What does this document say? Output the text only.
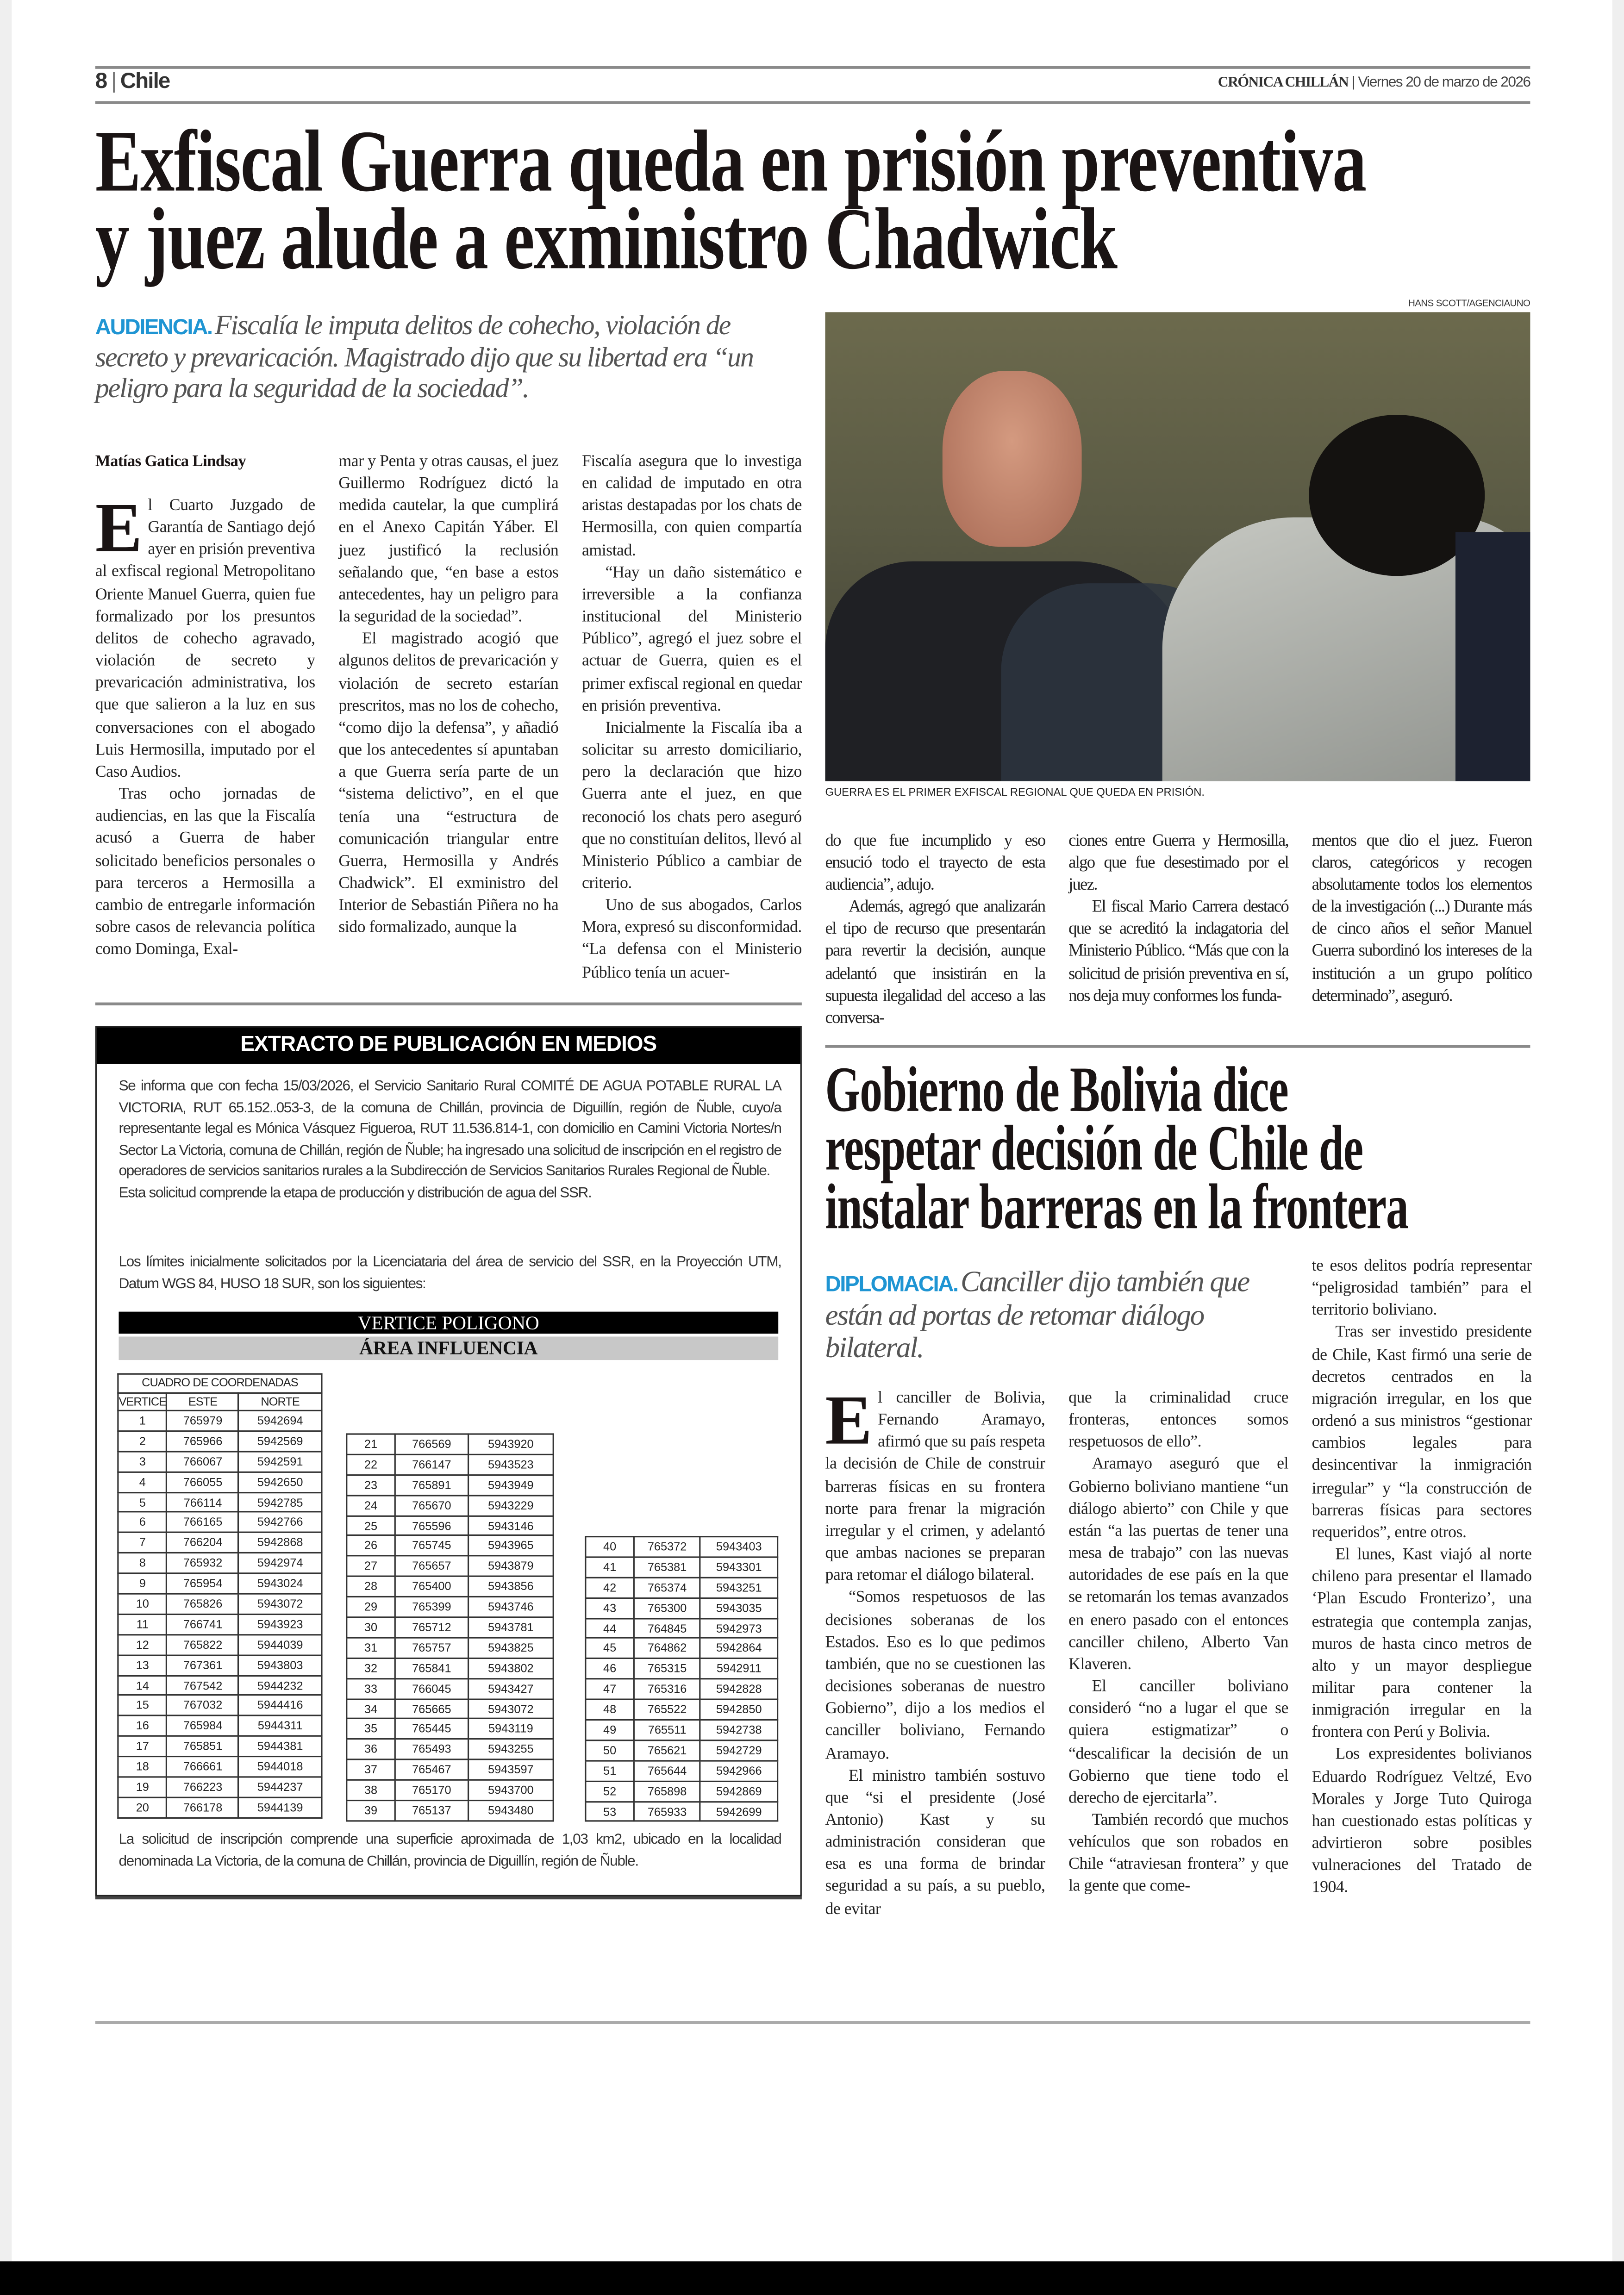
8 | Chile	CRÓNICA CHILLÁN | Viernes 20 de marzo de 2026
Exfiscal Guerra queda en prisión preventiva
y juez alude a exministro Chadwick
AUDIENCIA. Fiscalía le imputa delitos de cohecho, violación de secreto y prevaricación. Magistrado dijo que su libertad era “un peligro para la seguridad de la sociedad”.
HANS SCOTT/AGENCIAUNO
GUERRA ES EL PRIMER EXFISCAL REGIONAL QUE QUEDA EN PRISIÓN.
Matías Gatica Lindsay
E	l Cuarto Juzgado de Garantía de Santiago dejó ayer en prisión preventiva al exfiscal regional Metropolitano Oriente Manuel Guerra, quien fue formalizado por los presuntos delitos de cohecho agravado, violación de secreto y prevaricación administrativa, los que que salieron a la luz en sus conversaciones con el abogado Luis Hermosilla, imputado por el Caso Audios.

Tras ocho jornadas de audiencias, en las que la Fiscalía acusó a Guerra de haber solicitado beneficios personales o para terceros a Hermosilla a cambio de entregarle información sobre casos de relevancia política como Dominga, Exal-

mar y Penta y otras causas, el juez Guillermo Rodríguez dictó la medida cautelar, la que cumplirá en el Anexo Capitán Yáber. El juez justificó la reclusión señalando que, “en base a estos antecedentes, hay un peligro para la seguridad de la sociedad”.

El magistrado acogió que algunos delitos de prevaricación y violación de secreto estarían prescritos, mas no los de cohecho, “como dijo la defensa”, y añadió que los antecedentes sí apuntaban a que Guerra sería parte de un “sistema delictivo”, en el que tenía una “estructura de comunicación triangular entre Guerra, Hermosilla y Andrés Chadwick”. El exministro del Interior de Sebastián Piñera no ha sido formalizado, aunque la

Fiscalía asegura que lo investiga en calidad de imputado en otra aristas destapadas por los chats de Hermosilla, con quien compartía amistad.

“Hay un daño sistemático e irreversible a la confianza institucional del Ministerio Público”, agregó el juez sobre el actuar de Guerra, quien es el primer exfiscal regional en quedar en prisión preventiva.

Inicialmente la Fiscalía iba a solicitar su arresto domiciliario, pero la declaración que hizo Guerra ante el juez, en que reconoció los chats pero aseguró que no constituían delitos, llevó al Ministerio Público a cambiar de criterio.

Uno de sus abogados, Carlos Mora, expresó su disconformidad. “La defensa con el Ministerio Público tenía un acuer-

do que fue incumplido y eso ensució todo el trayecto de esta audiencia”, adujo.

Además, agregó que analizarán el tipo de recurso que presentarán para revertir la decisión, aunque adelantó que insistirán en la supuesta ilegalidad del acceso a las conversa-

ciones entre Guerra y Hermosilla, algo que fue desestimado por el juez.

El fiscal Mario Carrera destacó que se acreditó la indagatoria del Ministerio Público. “Más que con la solicitud de prisión preventiva en sí, nos deja muy conformes los funda-

mentos que dio el juez. Fueron claros, categóricos y recogen absolutamente todos los elementos de la investigación (...) Durante más de cinco años el señor Manuel Guerra subordinó los intereses de la institución a un grupo político determinado”, aseguró.

EXTRACTO DE PUBLICACIÓN EN MEDIOS

Se informa que con fecha 15/03/2026, el Servicio Sanitario Rural COMITÉ DE AGUA POTABLE RURAL LA VICTORIA, RUT 65.152..053-3, de la comuna de Chillán, provincia de Diguillín, región de Ñuble, cuyo/a representante legal es Mónica Vásquez Figueroa, RUT 11.536.814-1, con domicilio en Camini Victoria Nortes/n Sector La Victoria, comuna de Chillán, región de Ñuble; ha ingresado una solicitud de inscripción en el registro de operadores de servicios sanitarios rurales a la Subdirección de Servicios Sanitarios Rurales Regional de Ñuble.

Esta solicitud comprende la etapa de producción y distribución de agua del SSR.

Los límites inicialmente solicitados por la Licenciataria del área de servicio del SSR, en la Proyección UTM, Datum WGS 84, HUSO 18 SUR, son los siguientes:

VERTICE POLIGONO
ÁREA INFLUENCIA
CUADRO DE COORDENADAS		
VERTICE	ESTE	NORTE
1	765979	5942694
2	765966	5942569
3	766067	5942591
4	766055	5942650
5	766114	5942785
6	766165	5942766
7	766204	5942868
8	765932	5942974
9	765954	5943024
10	765826	5943072
11	766741	5943923
12	765822	5944039
13	767361	5943803
14	767542	5944232
15	767032	5944416
16	765984	5944311
17	765851	5944381
18	766661	5944018
19	766223	5944237
20	766178	5944139
21	766569	5943920
22	766147	5943523
23	765891	5943949
24	765670	5943229
25	765596	5943146
26	765745	5943965
27	765657	5943879
28	765400	5943856
29	765399	5943746
30	765712	5943781
31	765757	5943825
32	765841	5943802
33	766045	5943427
34	765665	5943072
35	765445	5943119
36	765493	5943255
37	765467	5943597
38	765170	5943700
39	765137	5943480
40	765372	5943403
41	765381	5943301
42	765374	5943251
43	765300	5943035
44	764845	5942973
45	764862	5942864
46	765315	5942911
47	765316	5942828
48	765522	5942850
49	765511	5942738
50	765621	5942729
51	765644	5942966
52	765898	5942869
53	765933	5942699

La solicitud de inscripción comprende una superficie aproximada de 1,03 km2, ubicado en la localidad denominada La Victoria, de la comuna de Chillán, provincia de Diguillín, región de Ñuble.

Gobierno de Bolivia dice
respetar decisión de Chile de
instalar barreras en la frontera
DIPLOMACIA. Canciller dijo también que están ad portas de retomar diálogo bilateral.
E	l canciller de Bolivia, Fernando Aramayo, afirmó que su país respeta la decisión de Chile de construir barreras físicas en su frontera norte para frenar la migración irregular y el crimen, y adelantó que ambas naciones se preparan para retomar el diálogo bilateral.

“Somos respetuosos de las decisiones soberanas de los Estados. Eso es lo que pedimos también, que no se cuestionen las decisiones soberanas de nuestro Gobierno”, dijo a los medios el canciller boliviano, Fernando Aramayo.

El ministro también sostuvo que “si el presidente (José Antonio) Kast y su administración consideran que esa es una forma de brindar seguridad a su país, a su pueblo, de evitar

que la criminalidad cruce fronteras, entonces somos respetuosos de ello”.

Aramayo aseguró que el Gobierno boliviano mantiene “un diálogo abierto” con Chile y que están “a las puertas de tener una mesa de trabajo” con las nuevas autoridades de ese país en la que se retomarán los temas avanzados en enero pasado con el entonces canciller chileno, Alberto Van Klaveren.

El canciller boliviano consideró “no a lugar el que se quiera estigmatizar” o “descalificar la decisión de un Gobierno que tiene todo el derecho de ejercitarla”.

También recordó que muchos vehículos que son robados en Chile “atraviesan frontera” y que la gente que come-

te esos delitos podría representar “peligrosidad también” para el territorio boliviano.

Tras ser investido presidente de Chile, Kast firmó una serie de decretos centrados en la migración irregular, en los que ordenó a sus ministros “gestionar cambios legales para desincentivar la inmigración irregular” y “la construcción de barreras físicas para sectores requeridos”, entre otros.

El lunes, Kast viajó al norte chileno para presentar el llamado ‘Plan Escudo Fronterizo’, una estrategia que contempla zanjas, muros de hasta cinco metros de alto y un mayor despliegue militar para contener la inmigración irregular en la frontera con Perú y Bolivia.

Los expresidentes bolivianos Eduardo Rodríguez Veltzé, Evo Morales y Jorge Tuto Quiroga han cuestionado estas políticas y advirtieron sobre posibles vulneraciones del Tratado de 1904.
